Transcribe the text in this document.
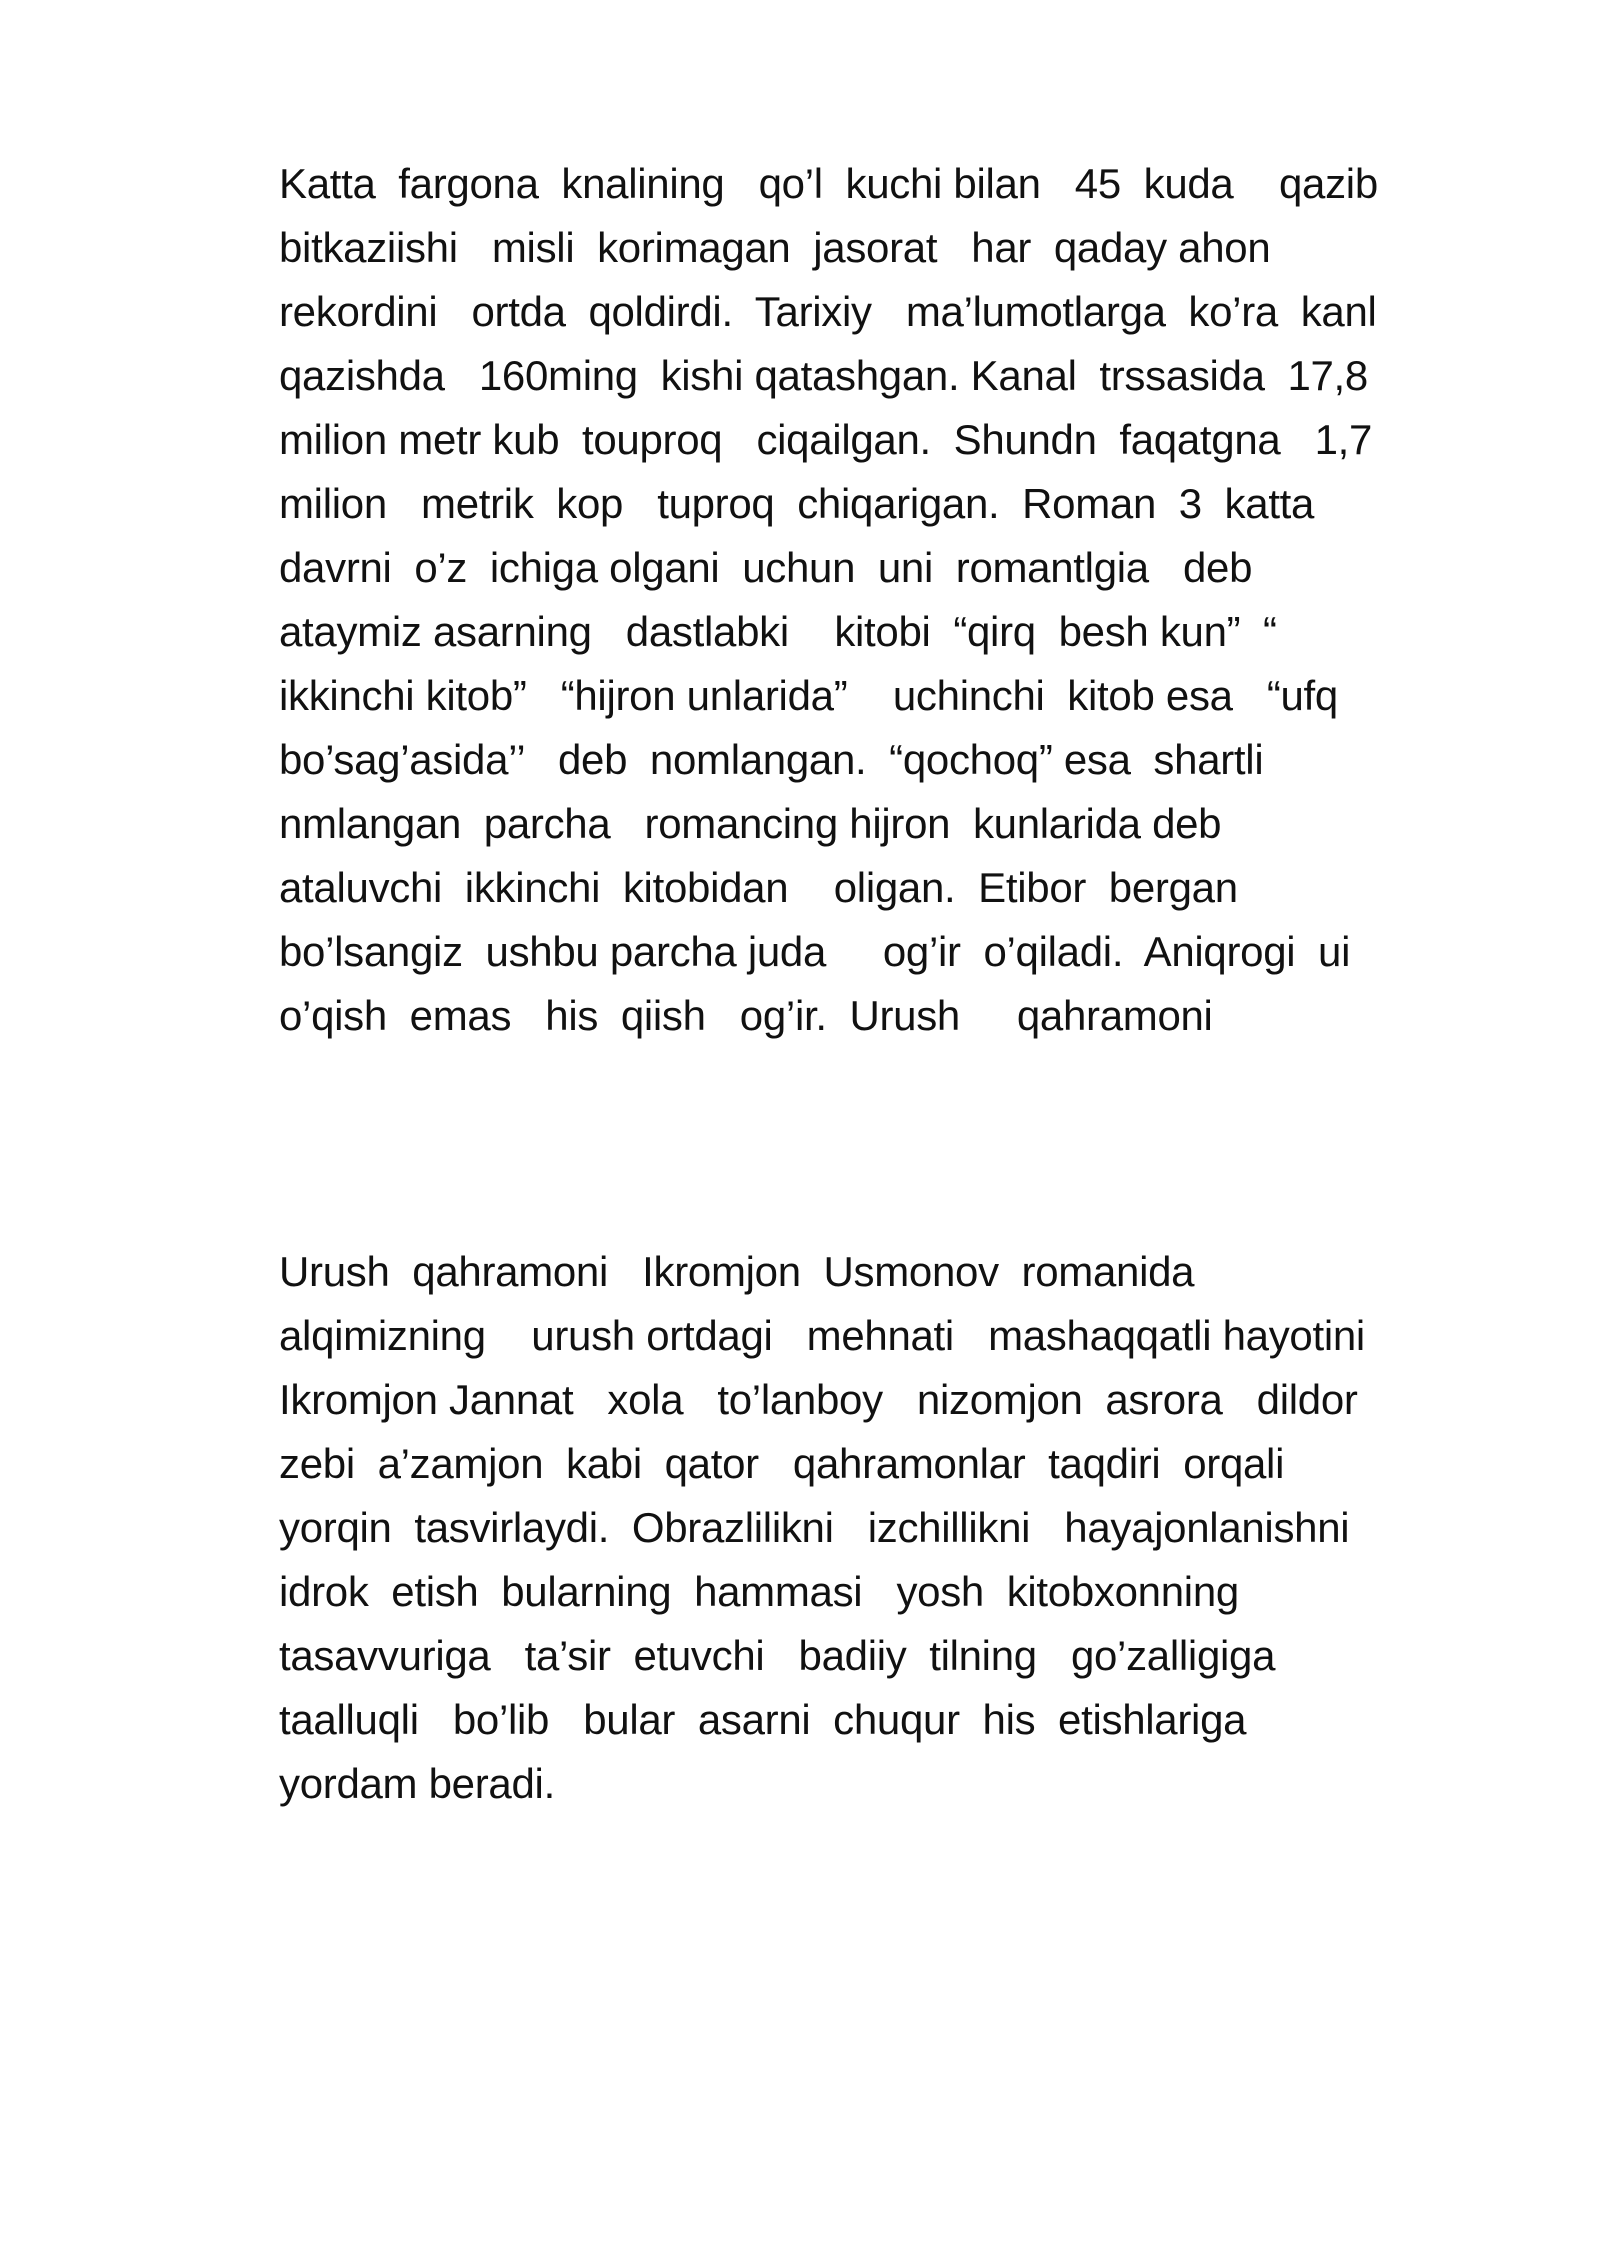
Katta  fargona  knalining   qo’l  kuchi bilan   45  kuda    qazib

bitkaziishi   misli  korimagan  jasorat   har  qaday ahon

rekordini   ortda  qoldirdi.  Tarixiy   ma’lumotlarga  ko’ra  kanl

qazishda   160ming  kishi qatashgan. Kanal  trssasida  17,8

milion metr kub  touproq   ciqailgan.  Shundn  faqatgna   1,7

milion   metrik  kop   tuproq  chiqarigan.  Roman  3  katta

davrni  o’z  ichiga olgani  uchun  uni  romantlgia   deb

ataymiz asarning   dastlabki    kitobi  “qirq  besh kun”  “

ikkinchi kitob”   “hijron unlarida”    uchinchi  kitob esa   “ufq

bo’sag’asida’’   deb  nomlangan.  “qochoq” esa  shartli

nmlangan  parcha   romancing hijron  kunlarida deb

ataluvchi  ikkinchi  kitobidan    oligan.  Etibor  bergan

bo’lsangiz  ushbu parcha juda     og’ir  o’qiladi.  Aniqrogi  ui

o’qish  emas   his  qiish   og’ir.  Urush     qahramoni

Urush  qahramoni   Ikromjon  Usmonov  romanida

alqimizning    urush ortdagi   mehnati   mashaqqatli hayotini

Ikromjon Jannat   xola   to’lanboy   nizomjon  asrora   dildor

zebi  a’zamjon  kabi  qator   qahramonlar  taqdiri  orqali

yorqin  tasvirlaydi.  Obrazlilikni   izchillikni   hayajonlanishni

idrok  etish  bularning  hammasi   yosh  kitobxonning

tasavvuriga   ta’sir  etuvchi   badiiy  tilning   go’zalligiga

taalluqli   bo’lib   bular  asarni  chuqur  his  etishlariga

yordam beradi.
